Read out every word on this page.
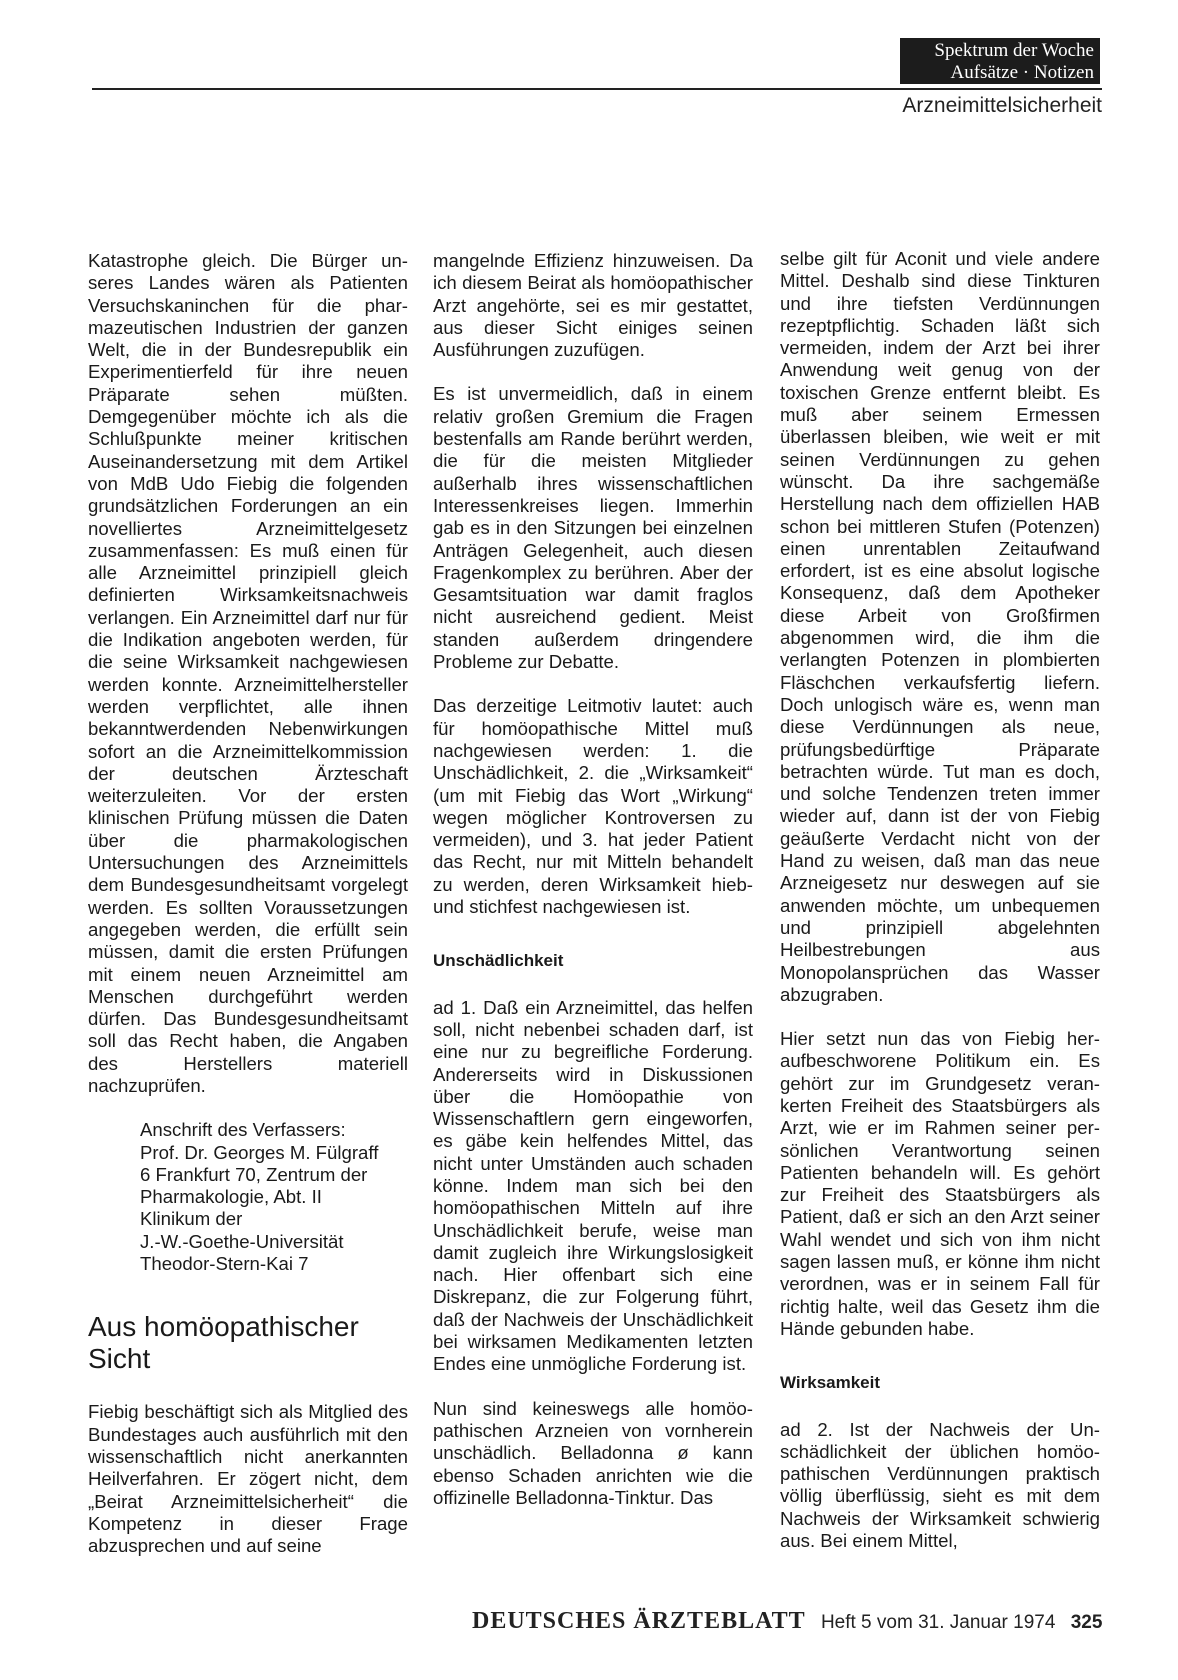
Spektrum der Woche
Aufsätze · Notizen
Arzneimittelsicherheit

Katastrophe gleich. Die Bürger unseres Landes wären als Patienten Versuchskaninchen für die pharmazeutischen Industrien der ganzen Welt, die in der Bundesrepublik ein Experimentierfeld für ihre neuen Präparate sehen müßten. Demgegenüber möchte ich als die Schlußpunkte meiner kritischen Auseinandersetzung mit dem Artikel von MdB Udo Fiebig die folgenden grundsätzlichen Forderungen an ein novelliertes Arzneimittelgesetz zusammenfassen: Es muß einen für alle Arzneimittel prinzipiell gleich definierten Wirksamkeitsnachweis verlangen. Ein Arzneimittel darf nur für die Indikation angeboten werden, für die seine Wirksamkeit nachgewiesen werden konnte. Arzneimittelhersteller werden verpflichtet, alle ihnen bekanntwerdenden Nebenwirkungen sofort an die Arzneimittelkommission der deutschen Ärzteschaft weiterzuleiten. Vor der ersten klinischen Prüfung müssen die Daten über die pharmakologischen Untersuchungen des Arzneimittels dem Bundesgesundheitsamt vorgelegt werden. Es sollten Voraussetzungen angegeben werden, die erfüllt sein müssen, damit die ersten Prüfungen mit einem neuen Arzneimittel am Menschen durchgeführt werden dürfen. Das Bundesgesundheitsamt soll das Recht haben, die Angaben des Herstellers materiell nachzuprüfen.

Anschrift des Verfassers:
Prof. Dr. Georges M. Fülgraff
6 Frankfurt 70, Zentrum der
Pharmakologie, Abt. II
Klinikum der
J.-W.-Goethe-Universität
Theodor-Stern-Kai 7
Aus homöopathischer Sicht

Fiebig beschäftigt sich als Mitglied des Bundestages auch ausführlich mit den wissenschaftlich nicht anerkannten Heilverfahren. Er zögert nicht, dem „Beirat Arzneimittelsicherheit“ die Kompetenz in dieser Frage abzusprechen und auf seine

mangelnde Effizienz hinzuweisen. Da ich diesem Beirat als homöopathischer Arzt angehörte, sei es mir gestattet, aus dieser Sicht einiges seinen Ausführungen zuzufügen.

Es ist unvermeidlich, daß in einem relativ großen Gremium die Fragen bestenfalls am Rande berührt werden, die für die meisten Mitglieder außerhalb ihres wissenschaftlichen Interessenkreises liegen. Immerhin gab es in den Sitzungen bei einzelnen Anträgen Gelegenheit, auch diesen Fragenkomplex zu berühren. Aber der Gesamtsituation war damit fraglos nicht ausreichend gedient. Meist standen außerdem dringendere Probleme zur Debatte.

Das derzeitige Leitmotiv lautet: auch für homöopathische Mittel muß nachgewiesen werden: 1. die Unschädlichkeit, 2. die „Wirksamkeit“ (um mit Fiebig das Wort „Wirkung“ wegen möglicher Kontroversen zu vermeiden), und 3. hat jeder Patient das Recht, nur mit Mitteln behandelt zu werden, deren Wirksamkeit hieb- und stichfest nachgewiesen ist.

Unschädlichkeit

ad 1. Daß ein Arzneimittel, das helfen soll, nicht nebenbei schaden darf, ist eine nur zu begreifliche Forderung. Andererseits wird in Diskussionen über die Homöopathie von Wissenschaftlern gern eingeworfen, es gäbe kein helfendes Mittel, das nicht unter Umständen auch schaden könne. Indem man sich bei den homöopathischen Mitteln auf ihre Unschädlichkeit berufe, weise man damit zugleich ihre Wirkungslosigkeit nach. Hier offenbart sich eine Diskrepanz, die zur Folgerung führt, daß der Nachweis der Unschädlichkeit bei wirksamen Medikamenten letzten Endes eine unmögliche Forderung ist.

Nun sind keineswegs alle homöopathischen Arzneien von vornherein unschädlich. Belladonna ø kann ebenso Schaden anrichten wie die offizinelle Belladonna-Tinktur. Das

selbe gilt für Aconit und viele andere Mittel. Deshalb sind diese Tinkturen und ihre tiefsten Verdünnungen rezeptpflichtig. Schaden läßt sich vermeiden, indem der Arzt bei ihrer Anwendung weit genug von der toxischen Grenze entfernt bleibt. Es muß aber seinem Ermessen überlassen bleiben, wie weit er mit seinen Verdünnungen zu gehen wünscht. Da ihre sachgemäße Herstellung nach dem offiziellen HAB schon bei mittleren Stufen (Potenzen) einen unrentablen Zeitaufwand erfordert, ist es eine absolut logische Konsequenz, daß dem Apotheker diese Arbeit von Großfirmen abgenommen wird, die ihm die verlangten Potenzen in plombierten Fläschchen verkaufsfertig liefern. Doch unlogisch wäre es, wenn man diese Verdünnungen als neue, prüfungsbedürftige Präparate betrachten würde. Tut man es doch, und solche Tendenzen treten immer wieder auf, dann ist der von Fiebig geäußerte Verdacht nicht von der Hand zu weisen, daß man das neue Arzneigesetz nur deswegen auf sie anwenden möchte, um unbequemen und prinzipiell abgelehnten Heilbestrebungen aus Monopolansprüchen das Wasser abzugraben.

Hier setzt nun das von Fiebig heraufbeschworene Politikum ein. Es gehört zur im Grundgesetz verankerten Freiheit des Staatsbürgers als Arzt, wie er im Rahmen seiner persönlichen Verantwortung seinen Patienten behandeln will. Es gehört zur Freiheit des Staatsbürgers als Patient, daß er sich an den Arzt seiner Wahl wendet und sich von ihm nicht sagen lassen muß, er könne ihm nicht verordnen, was er in seinem Fall für richtig halte, weil das Gesetz ihm die Hände gebunden habe.

Wirksamkeit

ad 2. Ist der Nachweis der Unschädlichkeit der üblichen homöopathischen Verdünnungen praktisch völlig überflüssig, sieht es mit dem Nachweis der Wirksamkeit schwierig aus. Bei einem Mittel,

DEUTSCHES ÄRZTEBLATT Heft 5 vom 31. Januar 1974 325
